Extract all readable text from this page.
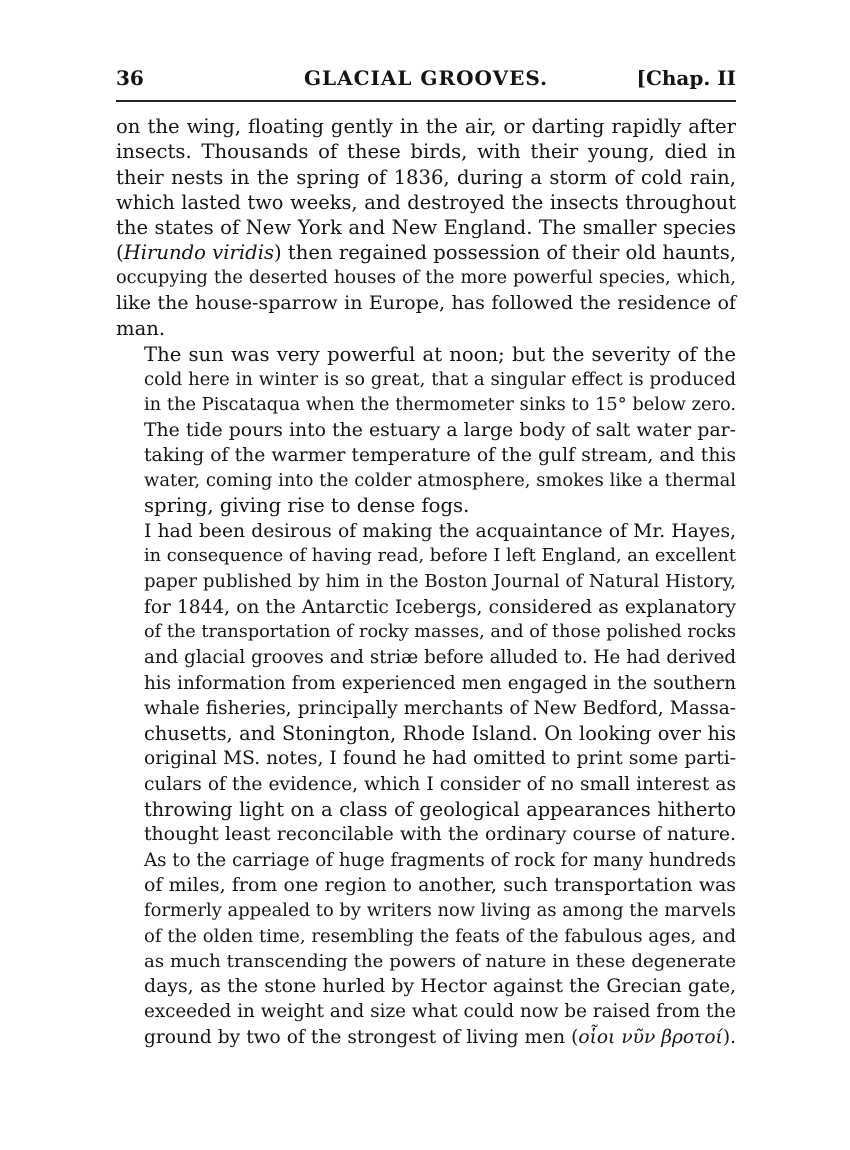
36	GLACIAL GROOVES.	[Chap. II

on the wing, floating gently in the air, or darting rapidly after
insects. Thousands of these birds, with their young, died in
their nests in the spring of 1836, during a storm of cold rain,
which lasted two weeks, and destroyed the insects throughout
the states of New York and New England. The smaller species
(Hirundo viridis) then regained possession of their old haunts,
occupying the deserted houses of the more powerful species, which,
like the house-sparrow in Europe, has followed the residence of
man.

The sun was very powerful at noon; but the severity of the
cold here in winter is so great, that a singular effect is produced
in the Piscataqua when the thermometer sinks to 15° below zero.
The tide pours into the estuary a large body of salt water par-
taking of the warmer temperature of the gulf stream, and this
water, coming into the colder atmosphere, smokes like a thermal
spring, giving rise to dense fogs.

I had been desirous of making the acquaintance of Mr. Hayes,
in consequence of having read, before I left England, an excellent
paper published by him in the Boston Journal of Natural History,
for 1844, on the Antarctic Icebergs, considered as explanatory
of the transportation of rocky masses, and of those polished rocks
and glacial grooves and striæ before alluded to. He had derived
his information from experienced men engaged in the southern
whale fisheries, principally merchants of New Bedford, Massa-
chusetts, and Stonington, Rhode Island. On looking over his
original MS. notes, I found he had omitted to print some parti-
culars of the evidence, which I consider of no small interest as
throwing light on a class of geological appearances hitherto
thought least reconcilable with the ordinary course of nature.
As to the carriage of huge fragments of rock for many hundreds
of miles, from one region to another, such transportation was
formerly appealed to by writers now living as among the marvels
of the olden time, resembling the feats of the fabulous ages, and
as much transcending the powers of nature in these degenerate
days, as the stone hurled by Hector against the Grecian gate,
exceeded in weight and size what could now be raised from the
ground by two of the strongest of living men (οἷοι νῦν βροτοί).
